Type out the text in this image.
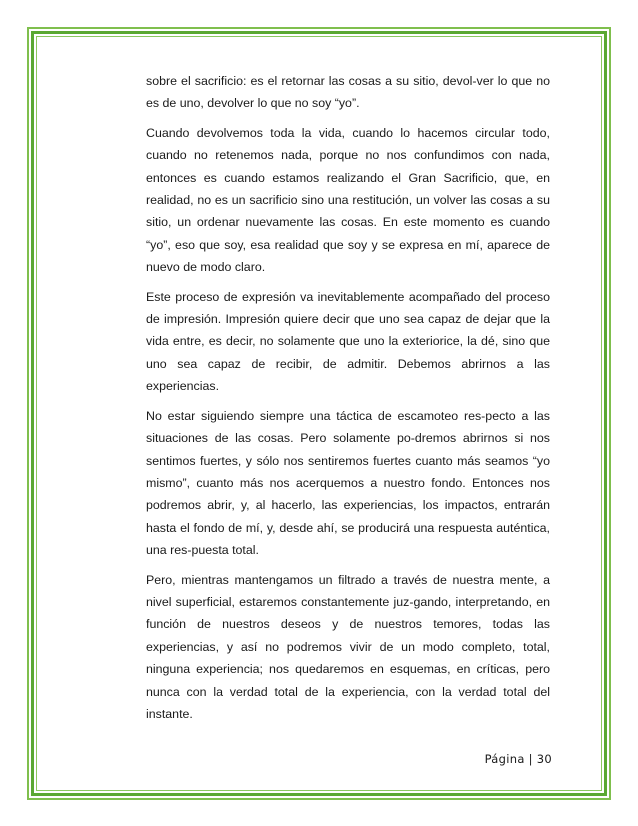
sobre el sacrificio: es el retornar las cosas a su sitio, devol-ver lo que no es de uno, devolver lo que no soy “yo”.

Cuando devolvemos toda la vida, cuando lo hacemos circular todo, cuando no retenemos nada, porque no nos confundimos con nada, entonces es cuando estamos realizando el Gran Sacrificio, que, en realidad, no es un sacrificio sino una restitución, un volver las cosas a su sitio, un ordenar nuevamente las cosas. En este momento es cuando “yo”, eso que soy, esa realidad que soy y se expresa en mí, aparece de nuevo de modo claro.

Este proceso de expresión va inevitablemente acompañado del proceso de impresión. Impresión quiere decir que uno sea capaz de dejar que la vida entre, es decir, no solamente que uno la exteriorice, la dé, sino que uno sea capaz de recibir, de admitir. Debemos abrirnos a las experiencias.

No estar siguiendo siempre una táctica de escamoteo res-pecto a las situaciones de las cosas. Pero solamente po-dremos abrirnos si nos sentimos fuertes, y sólo nos sentiremos fuertes cuanto más seamos “yo mismo”, cuanto más nos acerquemos a nuestro fondo. Entonces nos podremos abrir, y, al hacerlo, las experiencias, los impactos, entrarán hasta el fondo de mí, y, desde ahí, se producirá una respuesta auténtica, una res-puesta total.

Pero, mientras mantengamos un filtrado a través de nuestra mente, a nivel superficial, estaremos constantemente juz-gando, interpretando, en función de nuestros deseos y de nuestros temores, todas las experiencias, y así no podremos vivir de un modo completo, total, ninguna experiencia; nos quedaremos en esquemas, en críticas, pero nunca con la verdad total de la experiencia, con la verdad total del instante.

Página | 30
